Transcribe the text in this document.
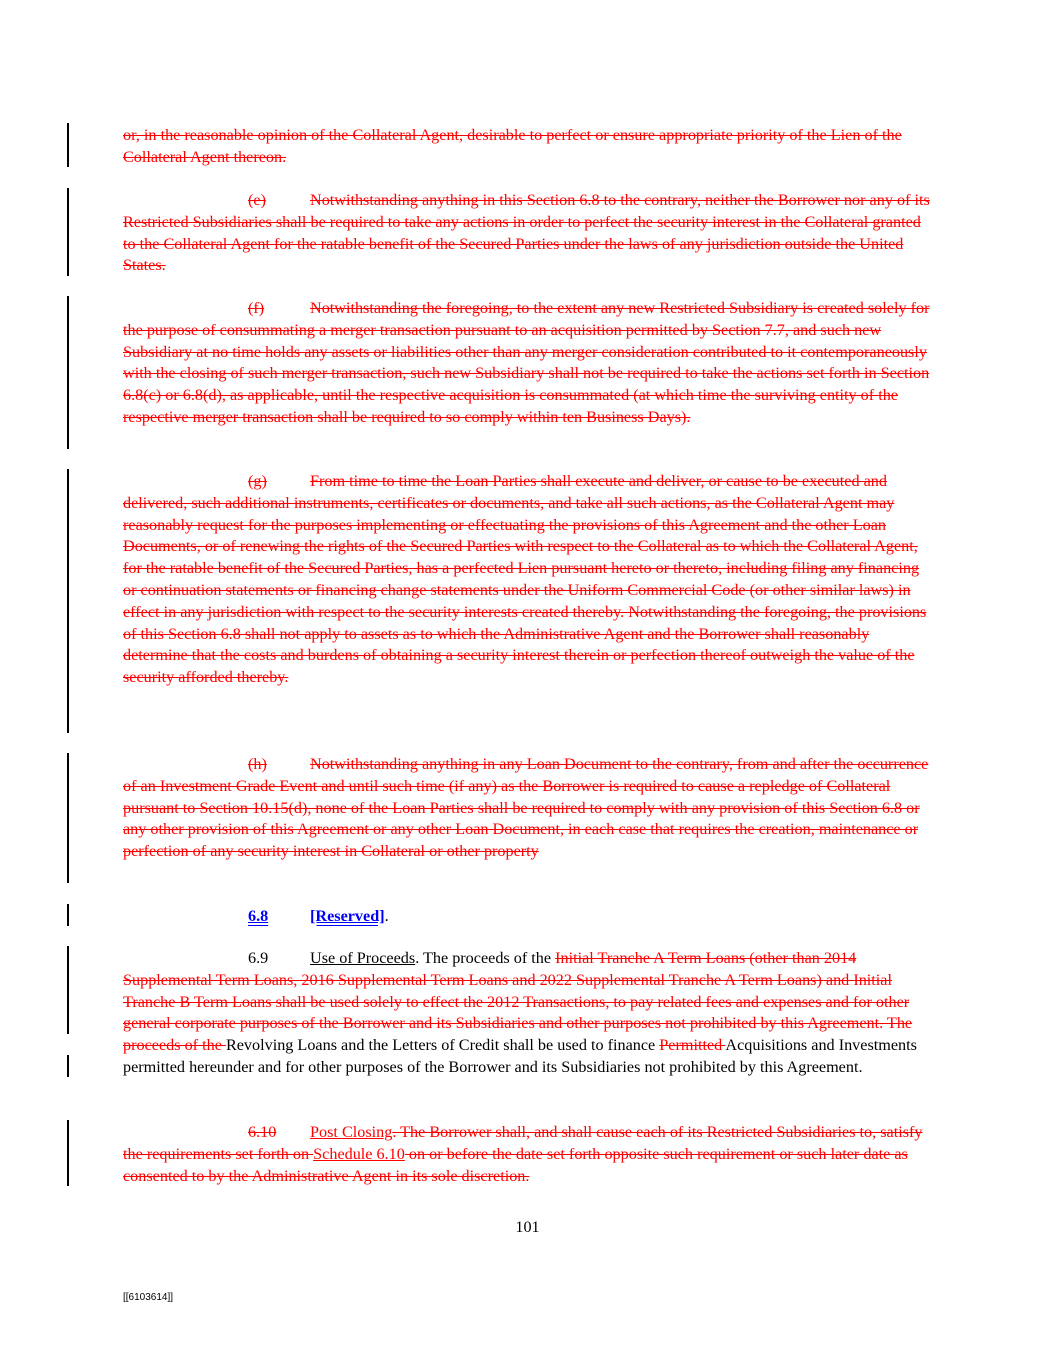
or, in the reasonable opinion of the Collateral Agent, desirable to perfect or ensure appropriate priority of the Lien of the Collateral Agent thereon.

(e)	Notwithstanding anything in this Section 6.8 to the contrary, neither the Borrower nor any of its Restricted Subsidiaries shall be required to take any actions in order to perfect the security interest in the Collateral granted to the Collateral Agent for the ratable benefit of the Secured Parties under the laws of any jurisdiction outside the United States.

(f)	Notwithstanding the foregoing, to the extent any new Restricted Subsidiary is created solely for the purpose of consummating a merger transaction pursuant to an acquisition permitted by Section 7.7, and such new Subsidiary at no time holds any assets or liabilities other than any merger consideration contributed to it contemporaneously with the closing of such merger transaction, such new Subsidiary shall not be required to take the actions set forth in Section 6.8(c) or 6.8(d), as applicable, until the respective acquisition is consummated (at which time the surviving entity of the respective merger transaction shall be required to so comply within ten Business Days).

(g)	From time to time the Loan Parties shall execute and deliver, or cause to be executed and delivered, such additional instruments, certificates or documents, and take all such actions, as the Collateral Agent may reasonably request for the purposes implementing or effectuating the provisions of this Agreement and the other Loan Documents, or of renewing the rights of the Secured Parties with respect to the Collateral as to which the Collateral Agent, for the ratable benefit of the Secured Parties, has a perfected Lien pursuant hereto or thereto, including filing any financing or continuation statements or financing change statements under the Uniform Commercial Code (or other similar laws) in effect in any jurisdiction with respect to the security interests created thereby. Notwithstanding the foregoing, the provisions of this Section 6.8 shall not apply to assets as to which the Administrative Agent and the Borrower shall reasonably determine that the costs and burdens of obtaining a security interest therein or perfection thereof outweigh the value of the security afforded thereby.

(h)	Notwithstanding anything in any Loan Document to the contrary, from and after the occurrence of an Investment Grade Event and until such time (if any) as the Borrower is required to cause a repledge of Collateral pursuant to Section 10.15(d), none of the Loan Parties shall be required to comply with any provision of this Section 6.8 or any other provision of this Agreement or any other Loan Document, in each case that requires the creation, maintenance or perfection of any security interest in Collateral or other property

6.8	[Reserved].

6.9	Use of Proceeds. The proceeds of the Initial Tranche A Term Loans (other than 2014 Supplemental Term Loans, 2016 Supplemental Term Loans and 2022 Supplemental Tranche A Term Loans) and Initial Tranche B Term Loans shall be used solely to effect the 2012 Transactions, to pay related fees and expenses and for other general corporate purposes of the Borrower and its Subsidiaries and other purposes not prohibited by this Agreement. The proceeds of the Revolving Loans and the Letters of Credit shall be used to finance Permitted Acquisitions and Investments permitted hereunder and for other purposes of the Borrower and its Subsidiaries not prohibited by this Agreement.

6.10 Post Closing. The Borrower shall, and shall cause each of its Restricted Subsidiaries to, satisfy the requirements set forth on Schedule 6.10 on or before the date set forth opposite such requirement or such later date as consented to by the Administrative Agent in its sole discretion.

101
[[6103614]]
